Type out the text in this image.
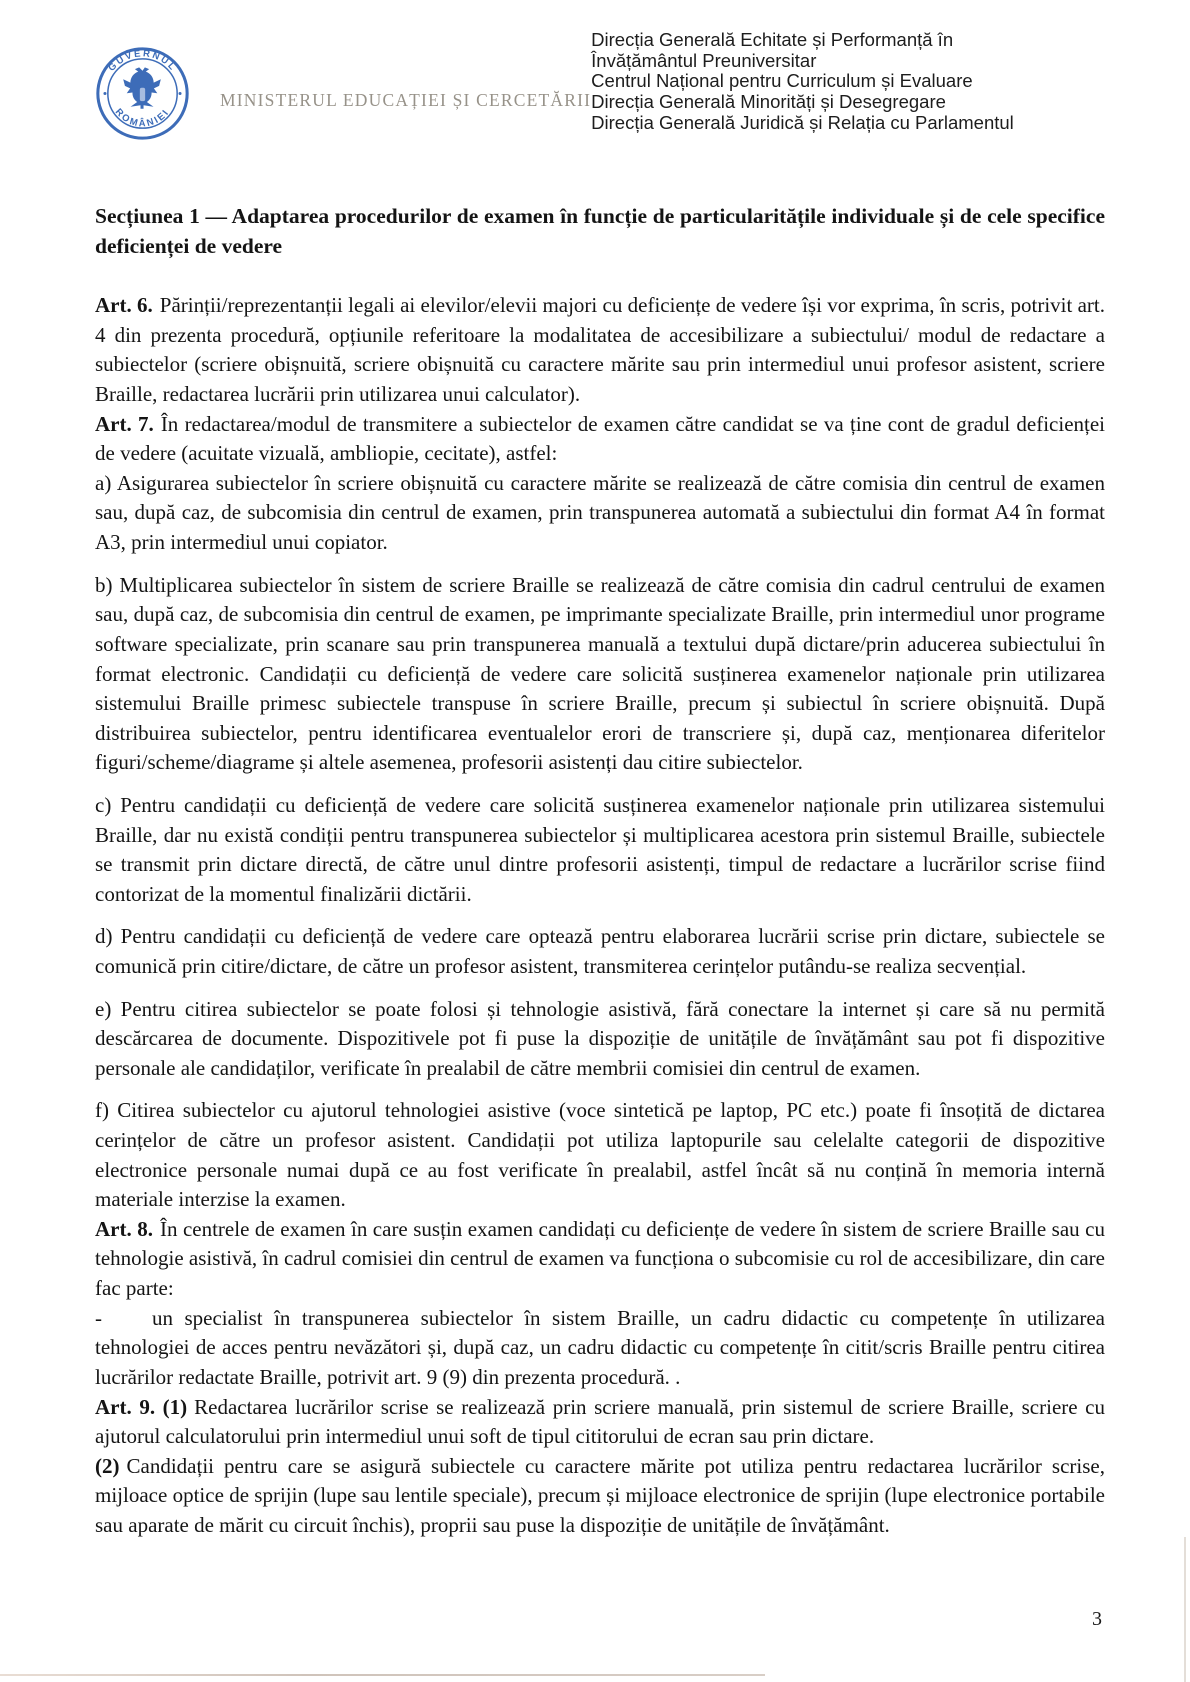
GUVERNUL
ROMÂNIEI
MINISTERUL EDUCAȚIEI ȘI CERCETĂRII
Direcția Generală Echitate și Performanță în
Învățământul Preuniversitar
Centrul Național pentru Curriculum și Evaluare
Direcția Generală Minorități și Desegregare
Direcția Generală Juridică și Relația cu Parlamentul
Secțiunea 1 — Adaptarea procedurilor de examen în funcție de particularitățile individuale și de cele specifice deficienței de vedere

Art. 6. Părinții/reprezentanții legali ai elevilor/elevii majori cu deficiențe de vedere își vor exprima, în scris, potrivit art. 4 din prezenta procedură, opțiunile referitoare la modalitatea de accesibilizare a subiectului/ modul de redactare a subiectelor (scriere obișnuită, scriere obișnuită cu caractere mărite sau prin intermediul unui profesor asistent, scriere Braille, redactarea lucrării prin utilizarea unui calculator).

Art. 7. În redactarea/modul de transmitere a subiectelor de examen către candidat se va ține cont de gradul deficienței de vedere (acuitate vizuală, ambliopie, cecitate), astfel:

a) Asigurarea subiectelor în scriere obișnuită cu caractere mărite se realizează de către comisia din centrul de examen sau, după caz, de subcomisia din centrul de examen, prin transpunerea automată a subiectului din format A4 în format A3, prin intermediul unui copiator.

b) Multiplicarea subiectelor în sistem de scriere Braille se realizează de către comisia din cadrul centrului de examen sau, după caz, de subcomisia din centrul de examen, pe imprimante specializate Braille, prin intermediul unor programe software specializate, prin scanare sau prin transpunerea manuală a textului după dictare/prin aducerea subiectului în format electronic. Candidații cu deficiență de vedere care solicită susținerea examenelor naționale prin utilizarea sistemului Braille primesc subiectele transpuse în scriere Braille, precum și subiectul în scriere obișnuită. După distribuirea subiectelor, pentru identificarea eventualelor erori de transcriere și, după caz, menționarea diferitelor figuri/scheme/diagrame și altele asemenea, profesorii asistenți dau citire subiectelor.

c) Pentru candidații cu deficiență de vedere care solicită susținerea examenelor naționale prin utilizarea sistemului Braille, dar nu există condiții pentru transpunerea subiectelor și multiplicarea acestora prin sistemul Braille, subiectele se transmit prin dictare directă, de către unul dintre profesorii asistenți, timpul de redactare a lucrărilor scrise fiind contorizat de la momentul finalizării dictării.

d) Pentru candidații cu deficiență de vedere care optează pentru elaborarea lucrării scrise prin dictare, subiectele se comunică prin citire/dictare, de către un profesor asistent, transmiterea cerințelor putându-se realiza secvențial.

e) Pentru citirea subiectelor se poate folosi și tehnologie asistivă, fără conectare la internet și care să nu permită descărcarea de documente. Dispozitivele pot fi puse la dispoziție de unitățile de învățământ sau pot fi dispozitive personale ale candidaților, verificate în prealabil de către membrii comisiei din centrul de examen.

f) Citirea subiectelor cu ajutorul tehnologiei asistive (voce sintetică pe laptop, PC etc.) poate fi însoțită de dictarea cerințelor de către un profesor asistent. Candidații pot utiliza laptopurile sau celelalte categorii de dispozitive electronice personale numai după ce au fost verificate în prealabil, astfel încât să nu conțină în memoria internă materiale interzise la examen.

Art. 8. În centrele de examen în care susțin examen candidați cu deficiențe de vedere în sistem de scriere Braille sau cu tehnologie asistivă, în cadrul comisiei din centrul de examen va funcționa o subcomisie cu rol de accesibilizare, din care fac parte:

- un specialist în transpunerea subiectelor în sistem Braille, un cadru didactic cu competențe în utilizarea tehnologiei de acces pentru nevăzători și, după caz, un cadru didactic cu competențe în citit/scris Braille pentru citirea lucrărilor redactate Braille, potrivit art. 9 (9) din prezenta procedură. .

Art. 9. (1) Redactarea lucrărilor scrise se realizează prin scriere manuală, prin sistemul de scriere Braille, scriere cu ajutorul calculatorului prin intermediul unui soft de tipul cititorului de ecran sau prin dictare.

(2) Candidații pentru care se asigură subiectele cu caractere mărite pot utiliza pentru redactarea lucrărilor scrise, mijloace optice de sprijin (lupe sau lentile speciale), precum și mijloace electronice de sprijin (lupe electronice portabile sau aparate de mărit cu circuit închis), proprii sau puse la dispoziție de unitățile de învățământ.

3
